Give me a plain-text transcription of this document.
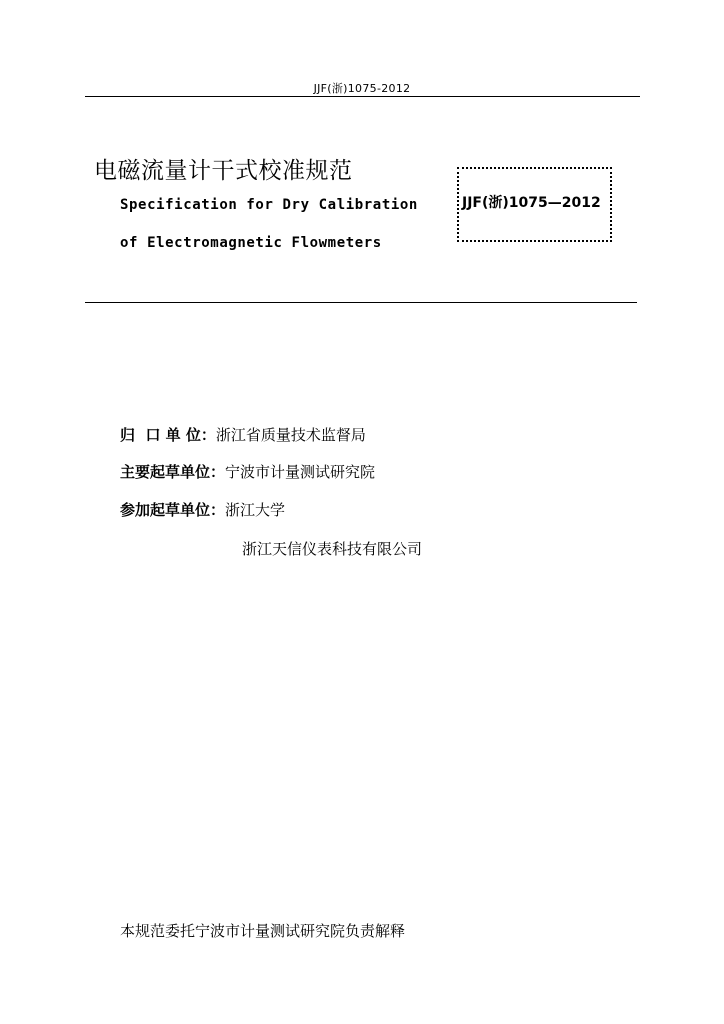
JJF(浙)1075-2012
电磁流量计干式校准规范
Specification for Dry Calibration
of Electromagnetic Flowmeters
JJF(浙)1075—2012
归  口 单 位： 浙江省质量技术监督局
主要起草单位： 宁波市计量测试研究院
参加起草单位： 浙江大学
浙江天信仪表科技有限公司
本规范委托宁波市计量测试研究院负责解释
